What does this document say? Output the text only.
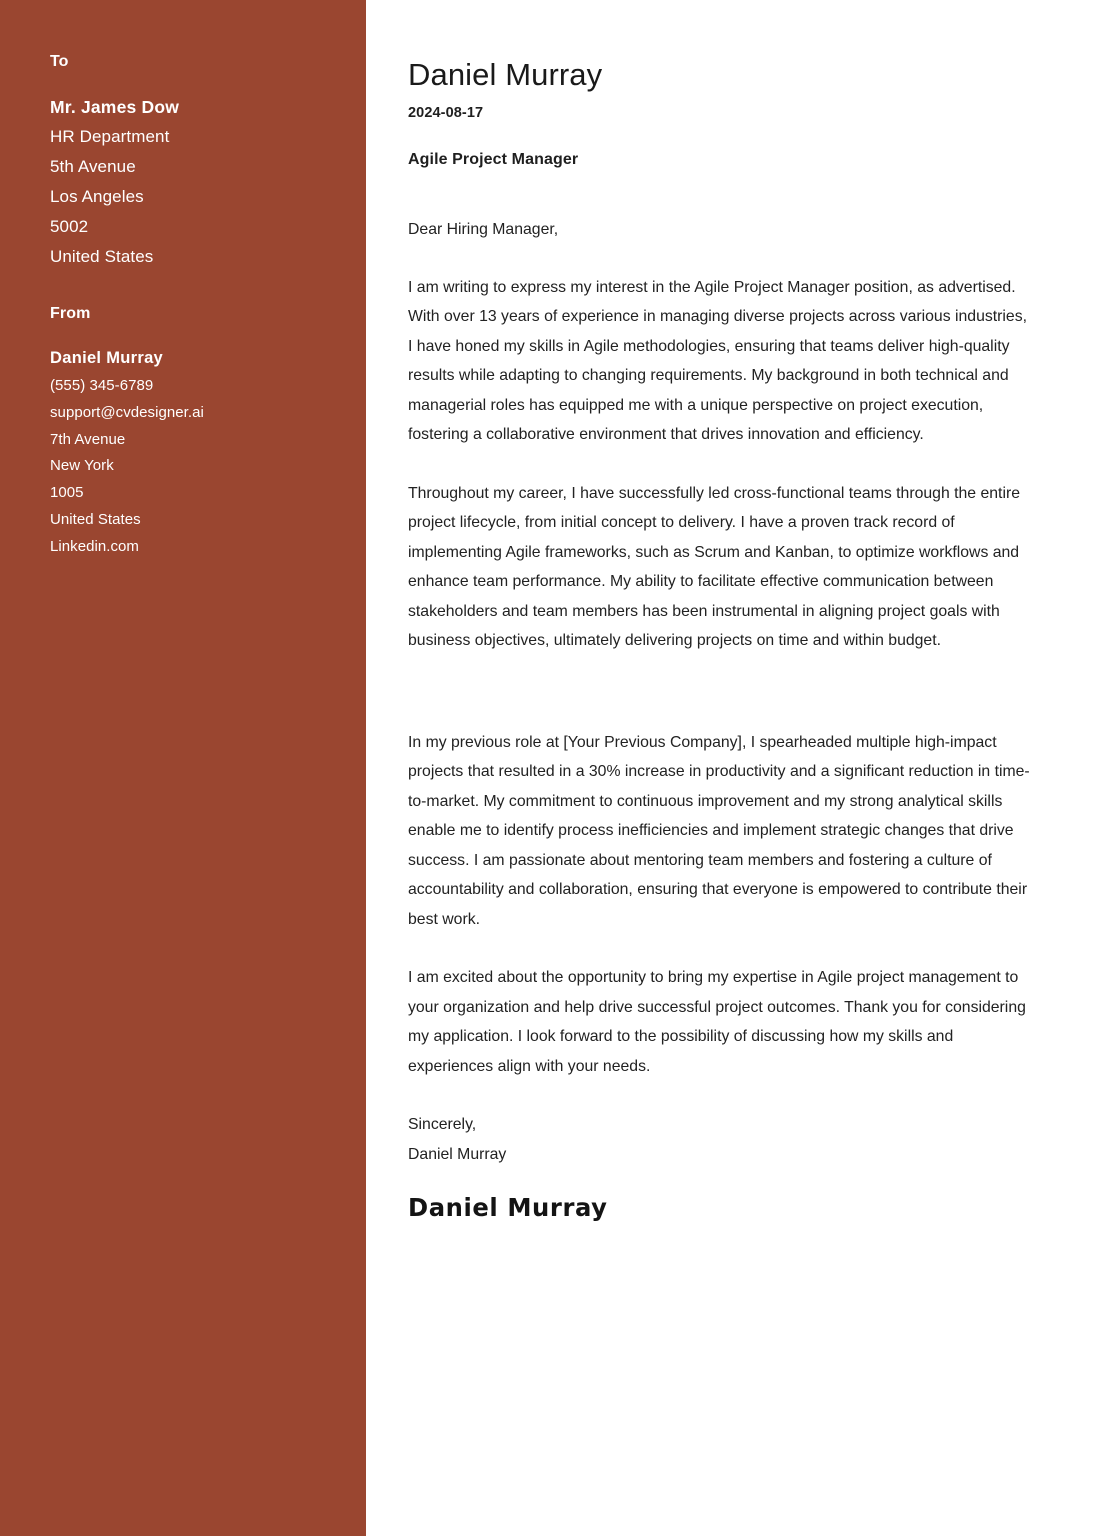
To
Mr. James Dow
HR Department
5th Avenue
Los Angeles
5002
United States
From
Daniel Murray
(555) 345-6789
support@cvdesigner.ai
7th Avenue
New York
1005
United States
Linkedin.com
Daniel Murray
2024-08-17
Agile Project Manager

Dear Hiring Manager,

I am writing to express my interest in the Agile Project Manager position, as advertised. With over 13 years of experience in managing diverse projects across various industries, I have honed my skills in Agile methodologies, ensuring that teams deliver high-quality results while adapting to changing requirements. My background in both technical and managerial roles has equipped me with a unique perspective on project execution, fostering a collaborative environment that drives innovation and efficiency.

Throughout my career, I have successfully led cross-functional teams through the entire project lifecycle, from initial concept to delivery. I have a proven track record of implementing Agile frameworks, such as Scrum and Kanban, to optimize workflows and enhance team performance. My ability to facilitate effective communication between stakeholders and team members has been instrumental in aligning project goals with business objectives, ultimately delivering projects on time and within budget.

In my previous role at [Your Previous Company], I spearheaded multiple high-impact projects that resulted in a 30% increase in productivity and a significant reduction in time-to-market. My commitment to continuous improvement and my strong analytical skills enable me to identify process inefficiencies and implement strategic changes that drive success. I am passionate about mentoring team members and fostering a culture of accountability and collaboration, ensuring that everyone is empowered to contribute their best work.

I am excited about the opportunity to bring my expertise in Agile project management to your organization and help drive successful project outcomes. Thank you for considering my application. I look forward to the possibility of discussing how my skills and experiences align with your needs.

Sincerely,
Daniel Murray
Daniel Murray
